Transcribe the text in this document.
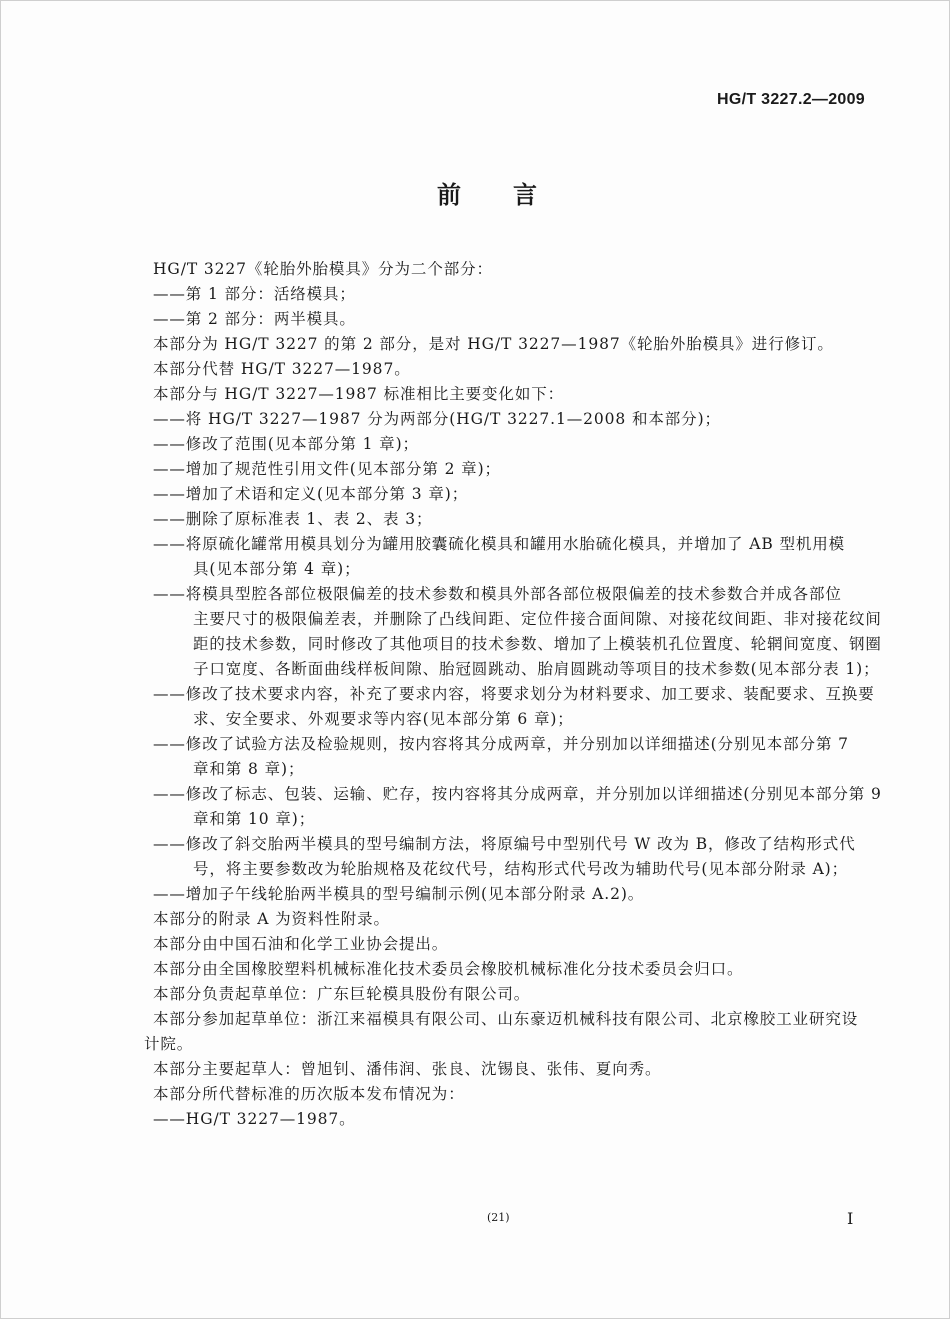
HG/T 3227.2—2009
前言
HG/T 3227《轮胎外胎模具》分为二个部分：
——第 1 部分：活络模具；
——第 2 部分：两半模具。
本部分为 HG/T 3227 的第 2 部分，是对 HG/T 3227—1987《轮胎外胎模具》进行修订。
本部分代替 HG/T 3227—1987。
本部分与 HG/T 3227—1987 标准相比主要变化如下：
——将 HG/T 3227—1987 分为两部分(HG/T 3227.1—2008 和本部分)；
——修改了范围(见本部分第 1 章)；
——增加了规范性引用文件(见本部分第 2 章)；
——增加了术语和定义(见本部分第 3 章)；
——删除了原标准表 1、表 2、表 3；
——将原硫化罐常用模具划分为罐用胶囊硫化模具和罐用水胎硫化模具，并增加了 AB 型机用模
具(见本部分第 4 章)；
——将模具型腔各部位极限偏差的技术参数和模具外部各部位极限偏差的技术参数合并成各部位
主要尺寸的极限偏差表，并删除了凸线间距、定位件接合面间隙、对接花纹间距、非对接花纹间
距的技术参数，同时修改了其他项目的技术参数、增加了上模装机孔位置度、轮辋间宽度、钢圈
子口宽度、各断面曲线样板间隙、胎冠圆跳动、胎肩圆跳动等项目的技术参数(见本部分表 1)；
——修改了技术要求内容，补充了要求内容，将要求划分为材料要求、加工要求、装配要求、互换要
求、安全要求、外观要求等内容(见本部分第 6 章)；
——修改了试验方法及检验规则，按内容将其分成两章，并分别加以详细描述(分别见本部分第 7
章和第 8 章)；
——修改了标志、包装、运输、贮存，按内容将其分成两章，并分别加以详细描述(分别见本部分第 9
章和第 10 章)；
——修改了斜交胎两半模具的型号编制方法，将原编号中型别代号 W 改为 B，修改了结构形式代
号，将主要参数改为轮胎规格及花纹代号，结构形式代号改为辅助代号(见本部分附录 A)；
——增加子午线轮胎两半模具的型号编制示例(见本部分附录 A.2)。
本部分的附录 A 为资料性附录。
本部分由中国石油和化学工业协会提出。
本部分由全国橡胶塑料机械标准化技术委员会橡胶机械标准化分技术委员会归口。
本部分负责起草单位：广东巨轮模具股份有限公司。
本部分参加起草单位：浙江来福模具有限公司、山东豪迈机械科技有限公司、北京橡胶工业研究设
计院。
本部分主要起草人：曾旭钊、潘伟润、张良、沈锡良、张伟、夏向秀。
本部分所代替标准的历次版本发布情况为：
——HG/T 3227—1987。
(21)	I
